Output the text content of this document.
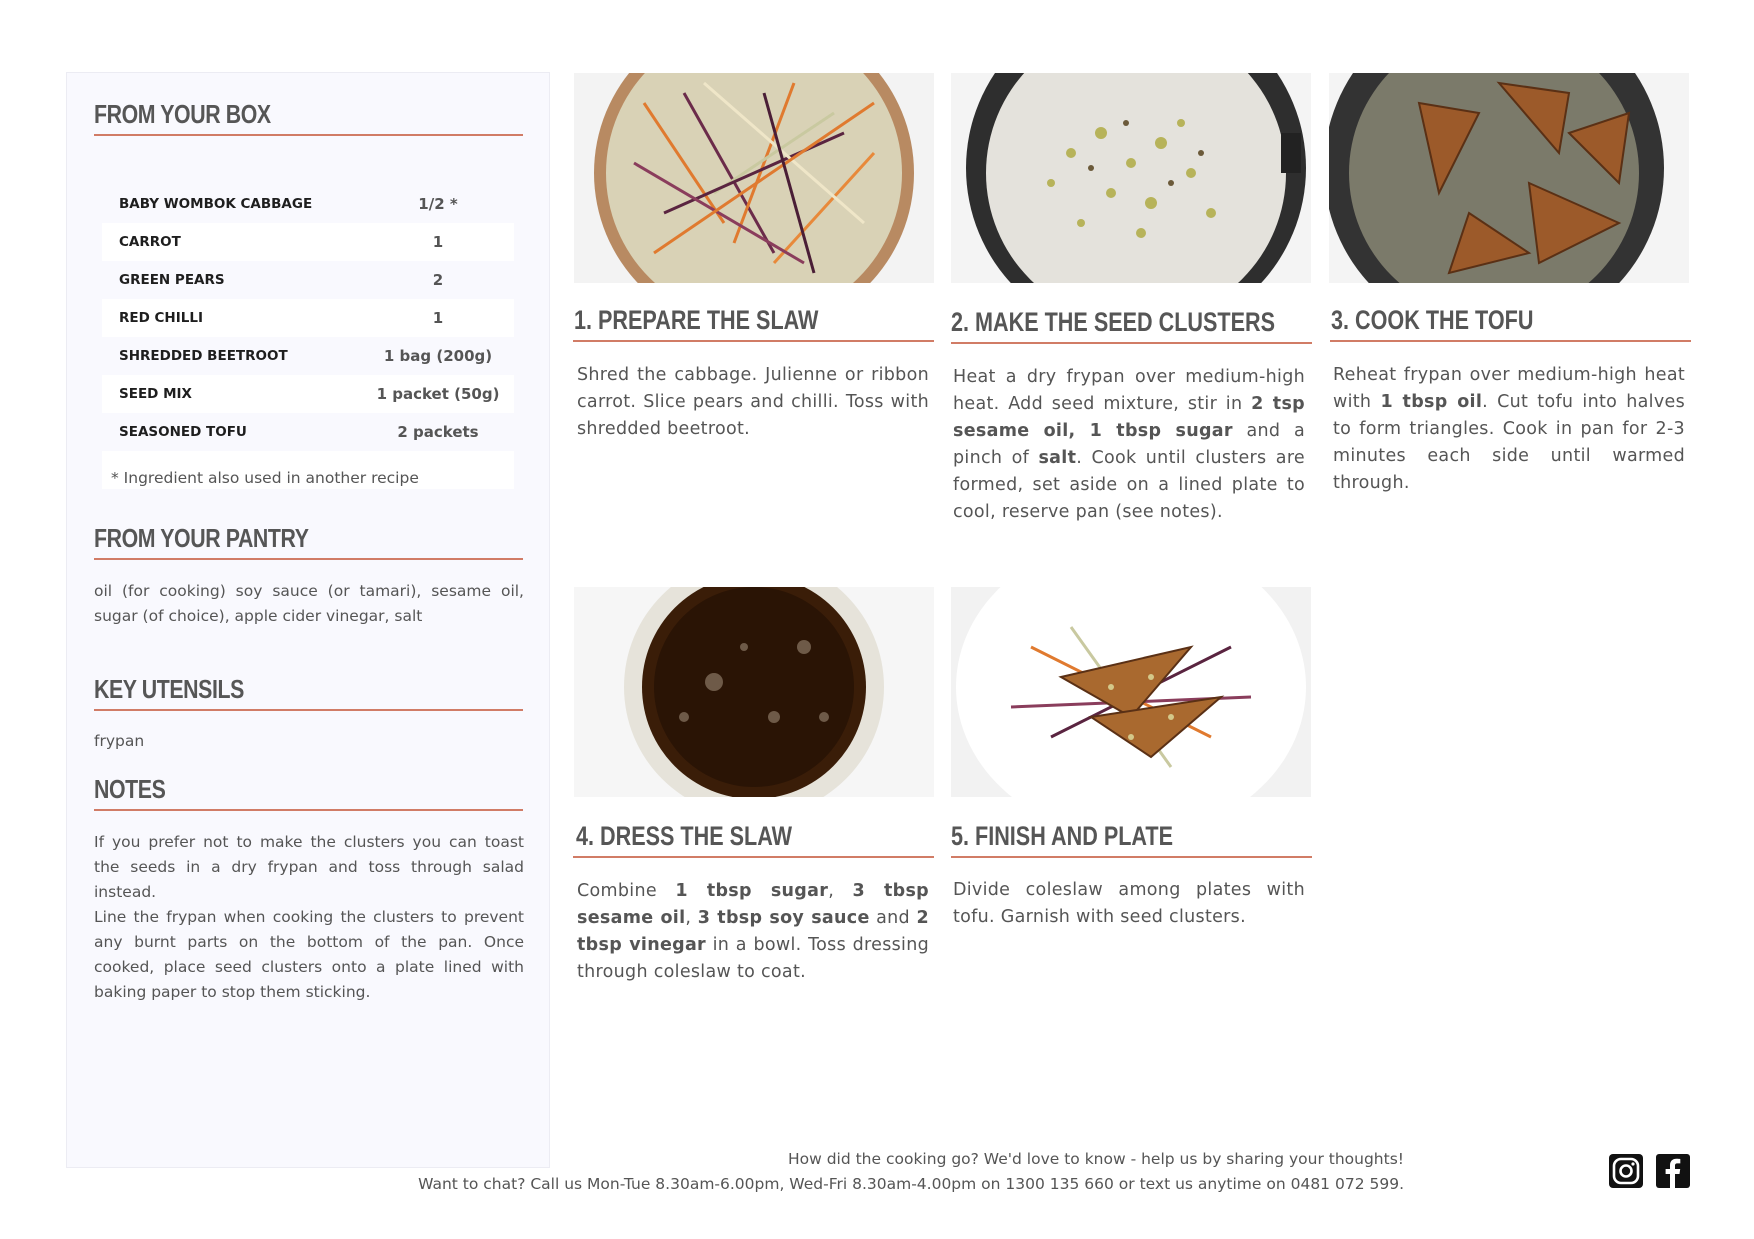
FROM YOUR BOX
BABY WOMBOK CABBAGE	1/2 *
CARROT	1
GREEN PEARS	2
RED CHILLI	1
SHREDDED BEETROOT	1 bag (200g)
SEED MIX	1 packet (50g)
SEASONED TOFU	2 packets
* Ingredient also used in another recipe
FROM YOUR PANTRY
oil (for cooking) soy sauce (or tamari), sesame oil, sugar (of choice), apple cider vinegar, salt
KEY UTENSILS
frypan
NOTES
If you prefer not to make the clusters you can toast the seeds in a dry frypan and toss through salad instead.
Line the frypan when cooking the clusters to prevent any burnt parts on the bottom of the pan. Once cooked, place seed clusters onto a plate lined with baking paper to stop them sticking.
1. PREPARE THE SLAW
Shred the cabbage. Julienne or ribbon carrot. Slice pears and chilli. Toss with shredded beetroot.
2. MAKE THE SEED CLUSTERS
Heat a dry frypan over medium-high heat. Add seed mixture, stir in 2 tsp sesame oil, 1 tbsp sugar and a pinch of salt. Cook until clusters are formed, set aside on a lined plate to cool, reserve pan (see notes).
3. COOK THE TOFU
Reheat frypan over medium-high heat with 1 tbsp oil. Cut tofu into halves to form triangles. Cook in pan for 2-3 minutes each side until warmed through.
4. DRESS THE SLAW
Combine 1 tbsp sugar, 3 tbsp sesame oil, 3 tbsp soy sauce and 2 tbsp vinegar in a bowl. Toss dressing through coleslaw to coat.
5. FINISH AND PLATE
Divide coleslaw among plates with tofu. Garnish with seed clusters.
How did the cooking go? We'd love to know - help us by sharing your thoughts!
Want to chat? Call us Mon-Tue 8.30am-6.00pm, Wed-Fri 8.30am-4.00pm on 1300 135 660 or text us anytime on 0481 072 599.
